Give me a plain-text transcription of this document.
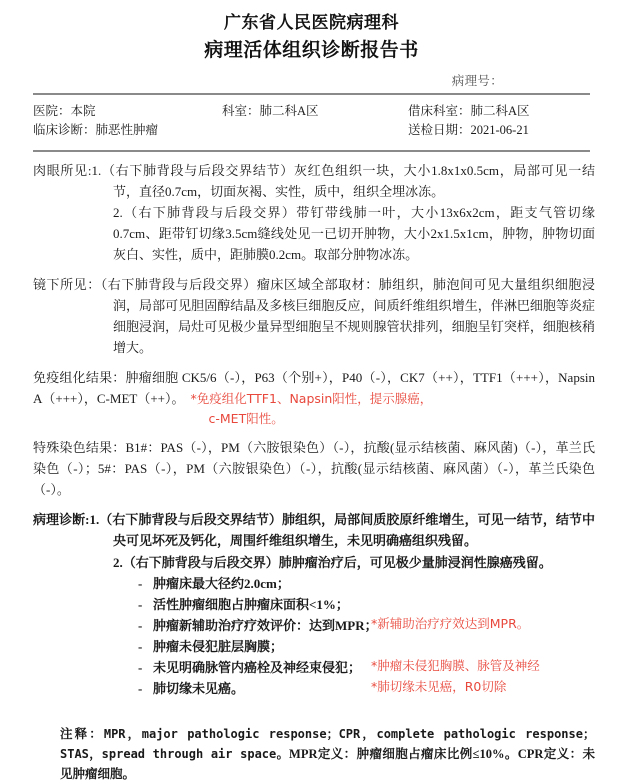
广东省人民医院病理科
病理活体组织诊断报告书
病理号：
医院：本院	科室：肺二科A区	借床科室：肺二科A区
临床诊断：肺恶性肿瘤	送检日期：2021-06-21
肉眼所见:1.（右下肺背段与后段交界结节）灰红色组织一块，大小1.8x1x0.5cm，局部可见一结节，直径0.7cm，切面灰褐、实性，质中，组织全埋冰冻。
2.（右下肺背段与后段交界）带钉带线肺一叶，大小13x6x2cm，距支气管切缘0.7cm、距带钉切缘3.5cm缝线处见一已切开肿物，大小2x1.5x1cm，肿物，肿物切面灰白、实性，质中，距肺膜0.2cm。取部分肿物冰冻。
镜下所见：（右下肺背段与后段交界）瘤床区域全部取材：肺组织，肺泡间可见大量组织细胞浸润，局部可见胆固醇结晶及多核巨细胞反应，间质纤维组织增生，伴淋巴细胞等炎症细胞浸润，局灶可见极少量异型细胞呈不规则腺管状排列，细胞呈钉突样，细胞核稍增大。
免疫组化结果：肿瘤细胞 CK5/6（-），P63（个别+），P40（-），CK7（++），TTF1（+++），Napsin A（+++），C-MET（++）。 *免疫组化TTF1、Napsin阳性，提示腺癌，
c-MET阳性。
特殊染色结果：B1#：PAS（-），PM（六胺银染色）（-），抗酸(显示结核菌、麻风菌)（-），革兰氏染色（-）；5#：PAS（-），PM（六胺银染色）（-），抗酸(显示结核菌、麻风菌）（-），革兰氏染色（-）。
病理诊断:1.（右下肺背段与后段交界结节）肺组织，局部间质胶原纤维增生，可见一结节，结节中央可见坏死及钙化，周围纤维组织增生，未见明确癌组织残留。
2.（右下肺背段与后段交界）肺肿瘤治疗后，可见极少量肺浸润性腺癌残留。
- 肿瘤床最大径约2.0cm；
- 活性肿瘤细胞占肿瘤床面积<1%；
- 肿瘤新辅助治疗疗效评价：达到MPR；
*新辅助治疗疗效达到MPR。
- 肿瘤未侵犯脏层胸膜；
- 未见明确脉管内癌栓及神经束侵犯； *肿瘤未侵犯胸膜、脉管及神经
- 肺切缘未见癌。	*肺切缘未见癌，R0切除
注释：MPR，major pathologic response；CPR，complete pathologic response；STAS，spread through air space。MPR定义：肿瘤细胞占瘤床比例≤10%。CPR定义：未见肿瘤细胞。
